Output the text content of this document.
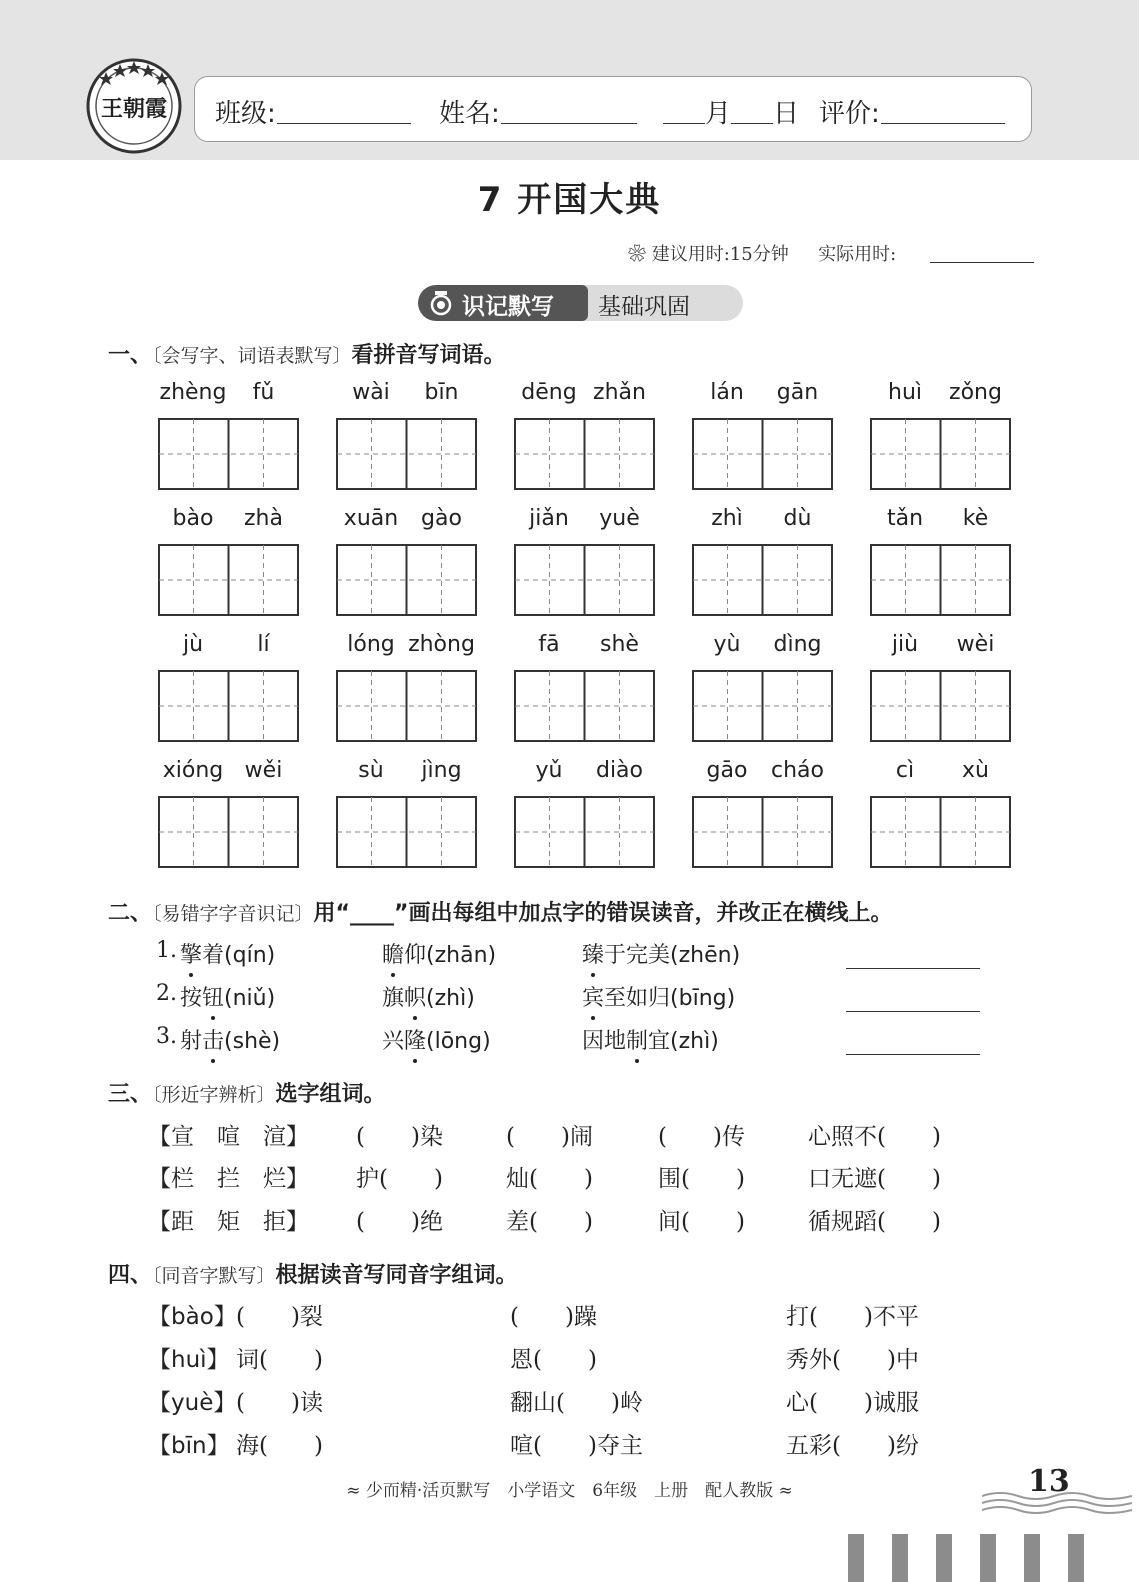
王朝霞 班级:	姓名:	月 日 评价:
7 开国大典
❀ 建议用时:15分钟 实际用时:
识记默写 基础巩固
一、〔会写字、词语表默写〕看拼音写词语。
zhèng	fǔ	wài	bīn	dēng zhǎn	lán	gān	huì	zǒng
bào	zhà	xuān	gào	jiǎn	yuè	zhì	dù	tǎn	kè
jù	lí	lóng zhòng	fā	shè	yù	dìng	jiù	wèi
xióng wěi	sù	jìng	yǔ	diào	gāo	cháo	cì	xù
二、〔易错字字音识记〕用“____”画出每组中加点字的错误读音，并改正在横线上。
1. 擎着(qín)	瞻仰(zhān)	臻于完美(zhēn)
2. 按钮(niǔ)	旗帜(zhì)	宾至如归(bīng)
3. 射击(shè)	兴隆(lōng)	因地制宜(zhì)
三、〔形近字辨析〕选字组词。
【宣　喧　渲】 (　　)染	(　　)闹	(　　)传	心照不(　　)
【栏　拦　烂】 护(　　)	灿(　　)	围(　　)	口无遮(　　)
【距　矩　拒】 (　　)绝	差(　　)	间(　　)	循规蹈(　　)
四、〔同音字默写〕根据读音写同音字组词。
【bào】 (　　)裂	(　　)躁	打(　　)不平
【huì】 词(　　)	恩(　　)	秀外(　　)中
【yuè】 (　　)读	翻山(　　)岭	心(　　)诚服
【bīn】 海(　　)	喧(　　)夺主	五彩(　　)纷
≈ 少而精·活页默写　小学语文　6年级　上册　配人教版 ≈	13
